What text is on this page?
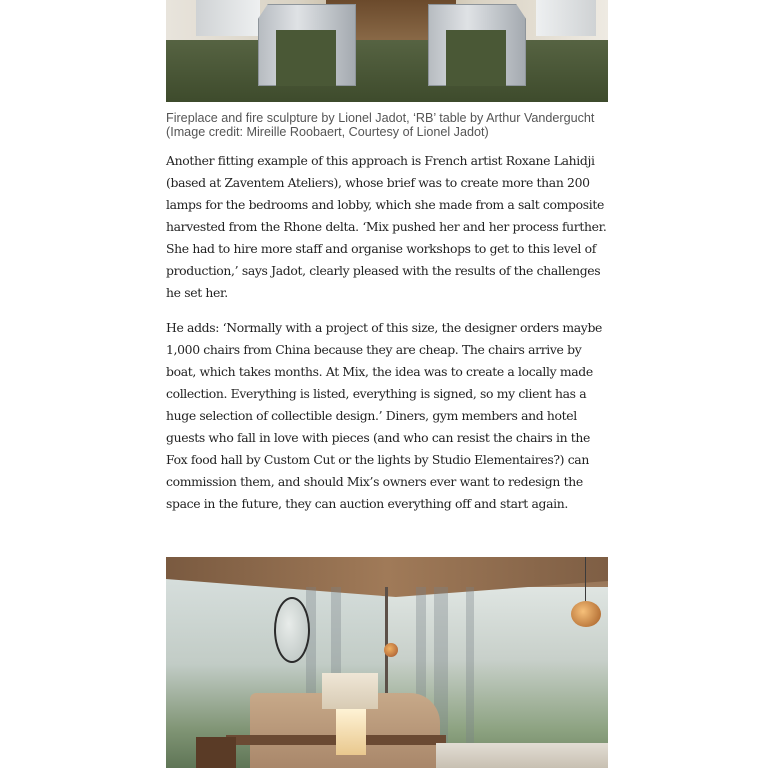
Fireplace and fire sculpture by Lionel Jadot, ‘RB’ table by Arthur Vandergucht

(Image credit: Mireille Roobaert, Courtesy of Lionel Jadot)

Another fitting example of this approach is French artist Roxane Lahidji (based at Zaventem Ateliers), whose brief was to create more than 200 lamps for the bedrooms and lobby, which she made from a salt composite harvested from the Rhone delta. ‘Mix pushed her and her process further. She had to hire more staff and organise workshops to get to this level of production,’ says Jadot, clearly pleased with the results of the challenges he set her.

He adds: ‘Normally with a project of this size, the designer orders maybe 1,000 chairs from China because they are cheap. The chairs arrive by boat, which takes months. At Mix, the idea was to create a locally made collection. Everything is listed, everything is signed, so my client has a huge selection of collectible design.’ Diners, gym members and hotel guests who fall in love with pieces (and who can resist the chairs in the Fox food hall by Custom Cut or the lights by Studio Elementaires?) can commission them, and should Mix’s owners ever want to redesign the space in the future, they can auction everything off and start again.
